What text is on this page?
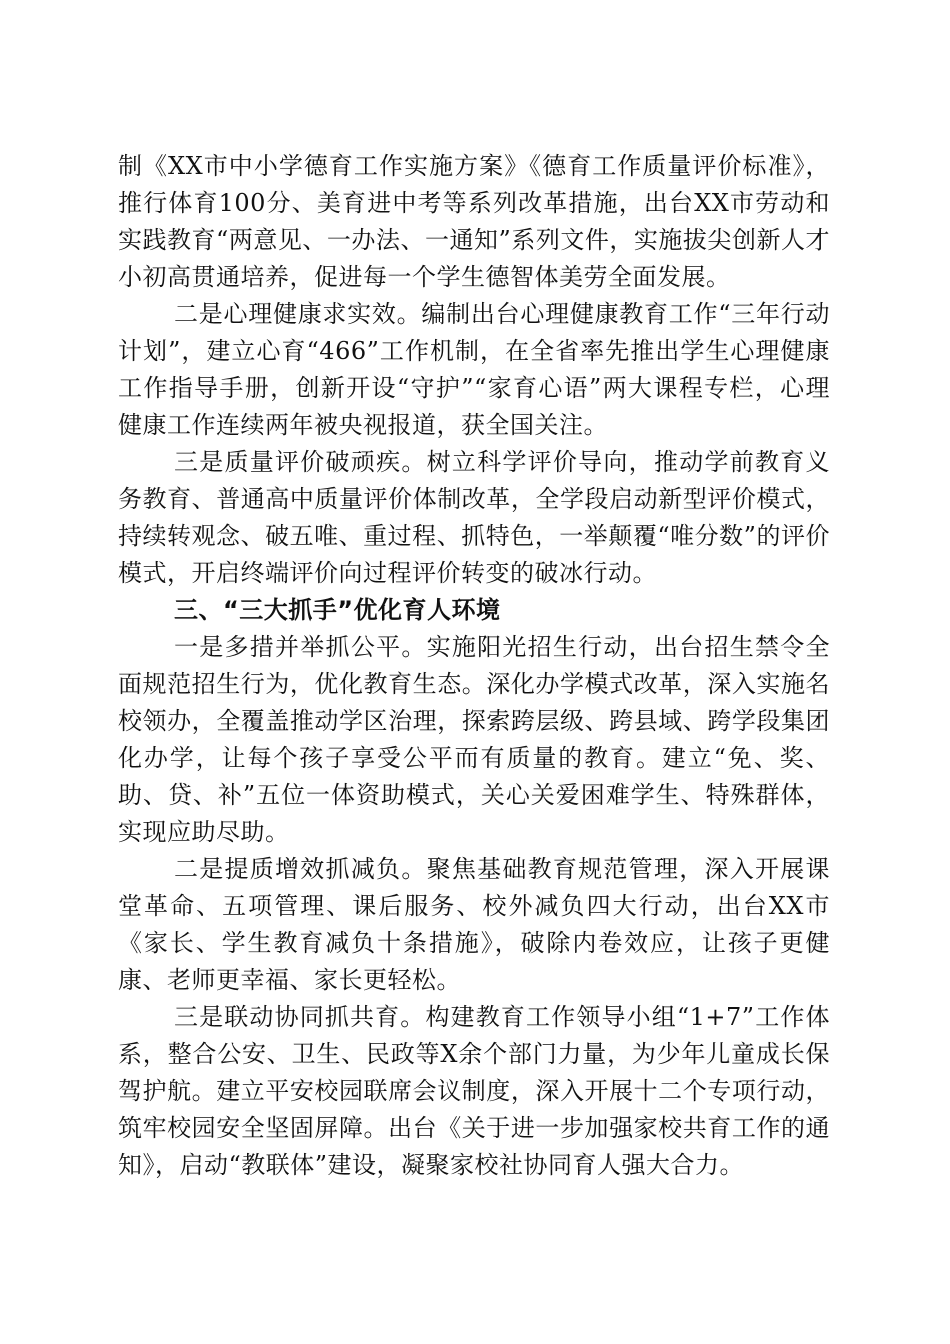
制《XX市中小学德育工作实施方案》《德育工作质量评价标准》，推行体育100分、美育进中考等系列改革措施，出台XX市劳动和实践教育“两意见、一办法、一通知”系列文件，实施拔尖创新人才小初高贯通培养，促进每一个学生德智体美劳全面发展。

二是心理健康求实效。编制出台心理健康教育工作“三年行动计划”，建立心育“466”工作机制，在全省率先推出学生心理健康工作指导手册，创新开设“守护”“家育心语”两大课程专栏，心理健康工作连续两年被央视报道，获全国关注。

三是质量评价破顽疾。树立科学评价导向，推动学前教育义务教育、普通高中质量评价体制改革，全学段启动新型评价模式，持续转观念、破五唯、重过程、抓特色，一举颠覆“唯分数”的评价模式，开启终端评价向过程评价转变的破冰行动。

三、“三大抓手”优化育人环境

一是多措并举抓公平。实施阳光招生行动，出台招生禁令全面规范招生行为，优化教育生态。深化办学模式改革，深入实施名校领办，全覆盖推动学区治理，探索跨层级、跨县域、跨学段集团化办学，让每个孩子享受公平而有质量的教育。建立“免、奖、助、贷、补”五位一体资助模式，关心关爱困难学生、特殊群体，实现应助尽助。

二是提质增效抓减负。聚焦基础教育规范管理，深入开展课堂革命、五项管理、课后服务、校外减负四大行动，出台XX市《家长、学生教育减负十条措施》，破除内卷效应，让孩子更健康、老师更幸福、家长更轻松。

三是联动协同抓共育。构建教育工作领导小组“1+7”工作体系，整合公安、卫生、民政等X余个部门力量，为少年儿童成长保驾护航。建立平安校园联席会议制度，深入开展十二个专项行动，筑牢校园安全坚固屏障。出台《关于进一步加强家校共育工作的通知》，启动“教联体”建设，凝聚家校社协同育人强大合力。
